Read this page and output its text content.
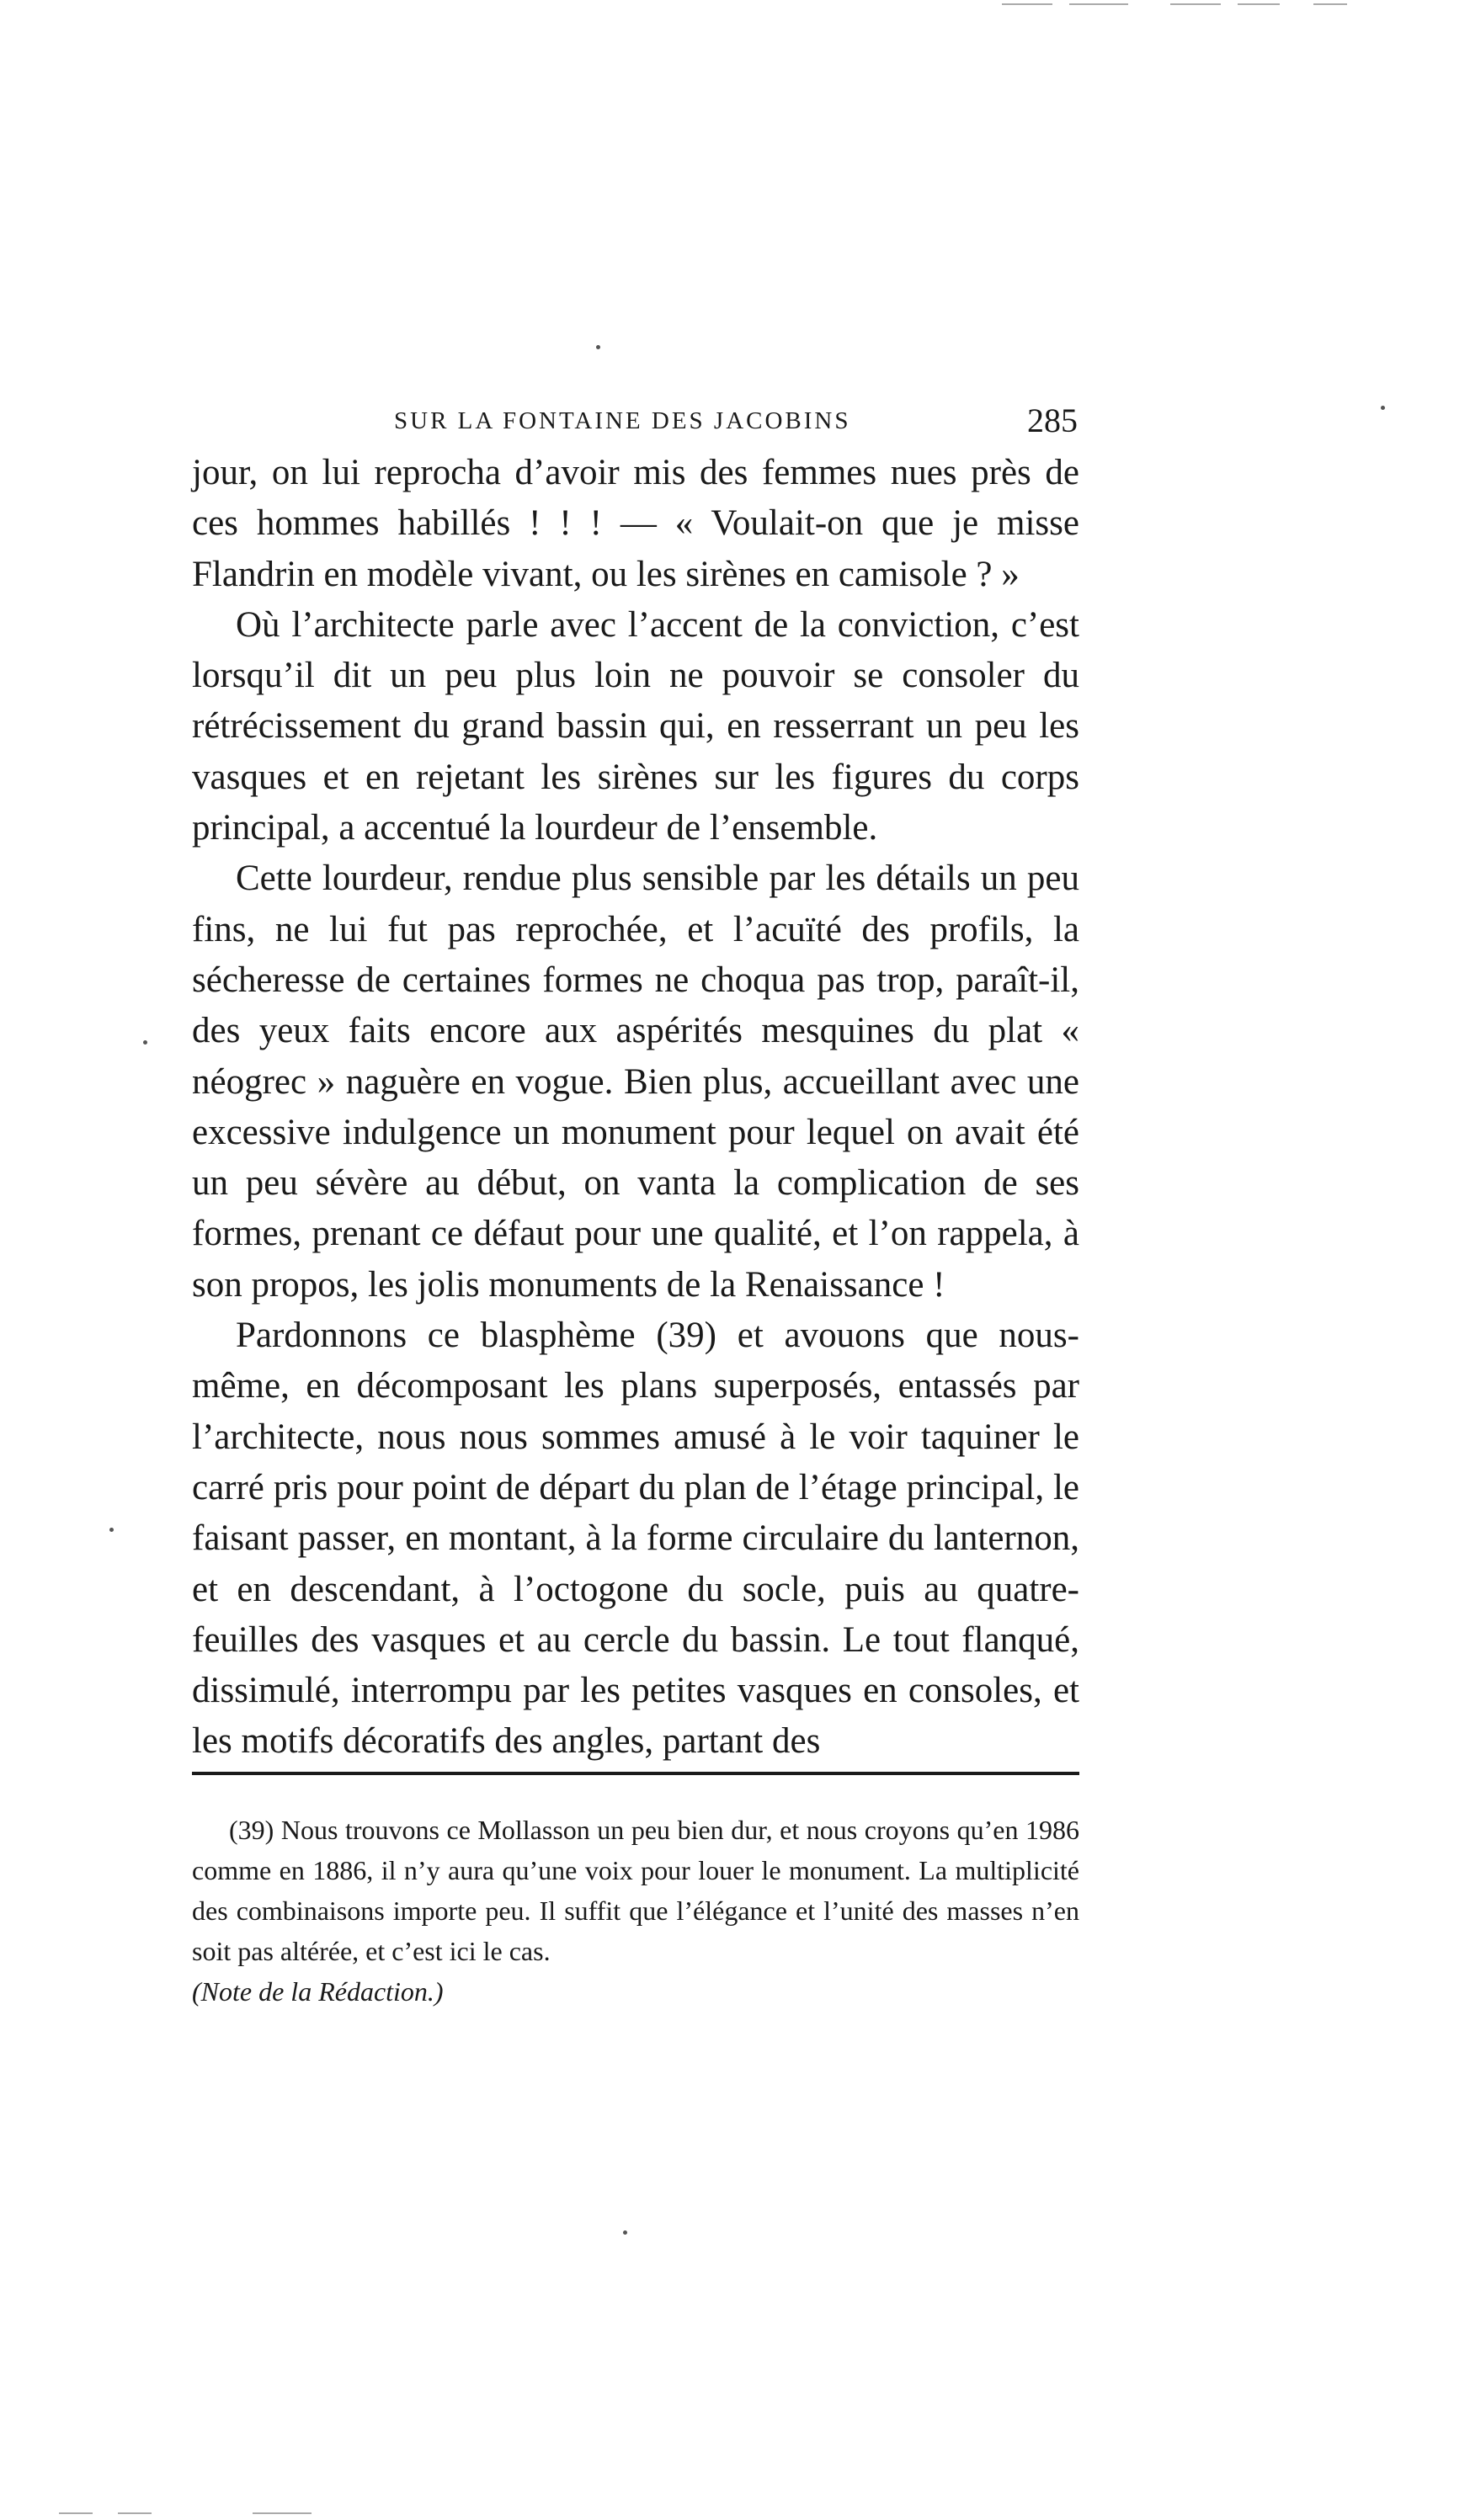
SUR LA FONTAINE DES JACOBINS	285

jour, on lui reprocha d’avoir mis des femmes nues près de ces hommes habillés ! ! ! — « Voulait-on que je misse Flandrin en modèle vivant, ou les sirènes en camisole ? »

Où l’architecte parle avec l’accent de la conviction, c’est lorsqu’il dit un peu plus loin ne pouvoir se consoler du rétrécissement du grand bassin qui, en resserrant un peu les vasques et en rejetant les sirènes sur les figures du corps principal, a accentué la lourdeur de l’ensemble.

Cette lourdeur, rendue plus sensible par les détails un peu fins, ne lui fut pas reprochée, et l’acuïté des profils, la sécheresse de certaines formes ne choqua pas trop, paraît-il, des yeux faits encore aux aspérités mesquines du plat « néogrec » naguère en vogue. Bien plus, accueillant avec une excessive indulgence un monument pour lequel on avait été un peu sévère au début, on vanta la complication de ses formes, prenant ce défaut pour une qualité, et l’on rappela, à son propos, les jolis monuments de la Renaissance !

Pardonnons ce blasphème (39) et avouons que nous-même, en décomposant les plans superposés, entassés par l’architecte, nous nous sommes amusé à le voir taquiner le carré pris pour point de départ du plan de l’étage principal, le faisant passer, en montant, à la forme circulaire du lanternon, et en descendant, à l’octogone du socle, puis au quatre-feuilles des vasques et au cercle du bassin. Le tout flanqué, dissimulé, interrompu par les petites vasques en consoles, et les motifs décoratifs des angles, partant des

(39) Nous trouvons ce Mollasson un peu bien dur, et nous croyons qu’en 1986 comme en 1886, il n’y aura qu’une voix pour louer le monument. La multiplicité des combinaisons importe peu. Il suffit que l’élégance et l’unité des masses n’en soit pas altérée, et c’est ici le cas.

(Note de la Rédaction.)
